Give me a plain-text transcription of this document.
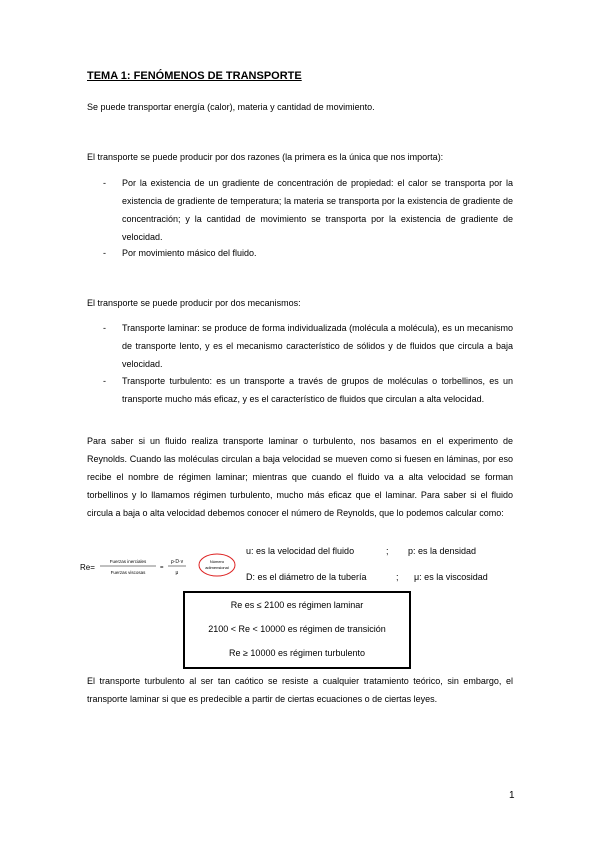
TEMA 1: FENÓMENOS DE TRANSPORTE
Se puede transportar energía (calor), materia y cantidad de movimiento.
El transporte se puede producir por dos razones (la primera es la única que nos importa):
- Por la existencia de un gradiente de concentración de propiedad: el calor se transporta por la existencia de gradiente de temperatura; la materia se transporta por la existencia de gradiente de concentración; y la cantidad de movimiento se transporta por la existencia de gradiente de velocidad.
- Por movimiento másico del fluido.
El transporte se puede producir por dos mecanismos:
- Transporte laminar: se produce de forma individualizada (molécula a molécula), es un mecanismo de transporte lento, y es el mecanismo característico de sólidos y de fluidos que circula a baja velocidad.
- Transporte turbulento: es un transporte a través de grupos de moléculas o torbellinos, es un transporte mucho más eficaz, y es el característico de fluidos que circulan a alta velocidad.
Para saber si un fluido realiza transporte laminar o turbulento, nos basamos en el experimento de Reynolds. Cuando las moléculas circulan a baja velocidad se mueven como si fuesen en láminas, por eso recibe el nombre de régimen laminar; mientras que cuando el fluido va a alta velocidad se forman torbellinos y lo llamamos régimen turbulento, mucho más eficaz que el laminar. Para saber si el fluido circula a baja o alta velocidad debemos conocer el número de Reynolds, que lo podemos calcular como:
Re=
Fuerzas inerciales
Fuerzas viscosas
=
ρ·D·v
μ
Número
adimensional
u: es la velocidad del fluido	; p: es la densidad
D: es el diámetro de la tubería	; μ: es la viscosidad
Re es ≤ 2100 es régimen laminar
2100 < Re < 10000 es régimen de transición
Re ≥ 10000 es régimen turbulento
El transporte turbulento al ser tan caótico se resiste a cualquier tratamiento teórico, sin embargo, el transporte laminar si que es predecible a partir de ciertas ecuaciones o de ciertas leyes.
1
